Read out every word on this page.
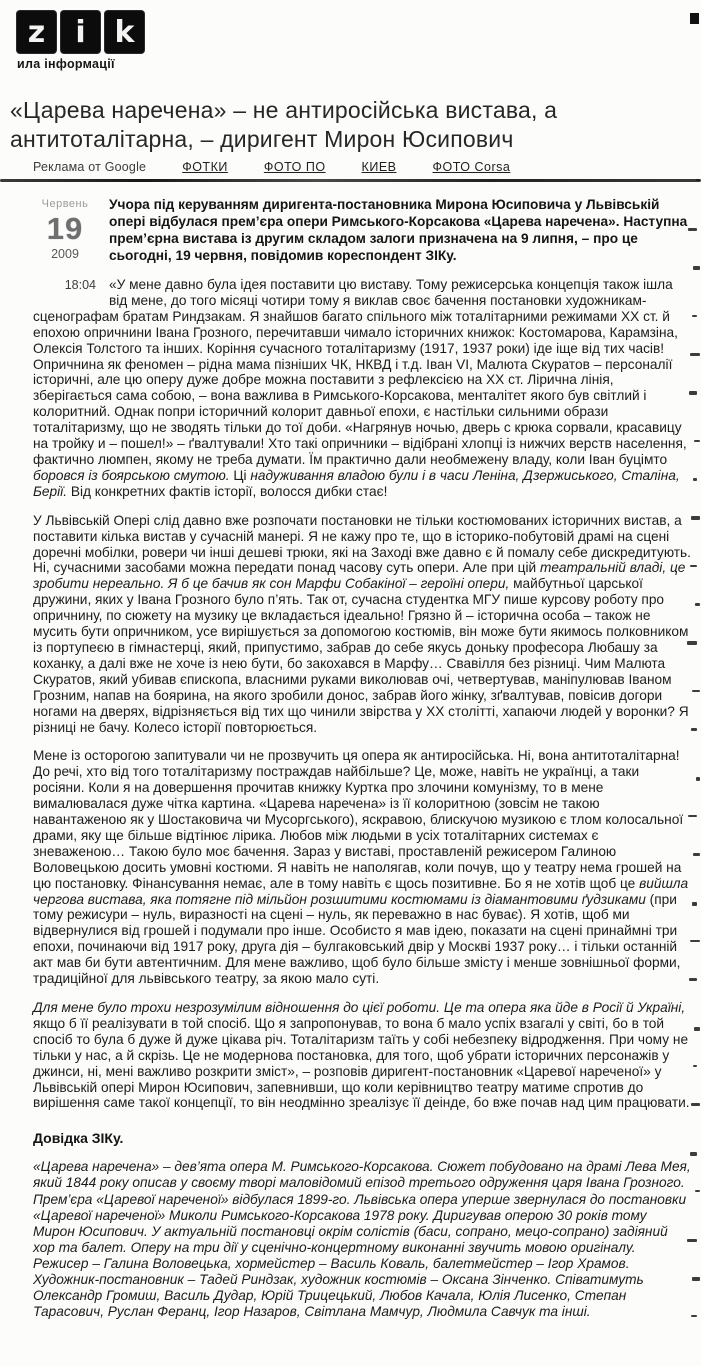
z	i k
ила інформації
«Царева наречена» – не антиросійська вистава, а антитоталітарна, – диригент Мирон Юсипович
Реклама от Google	ФОТКИ	ФОТО ПО	КИЕВ	ФОТО Corsa
Червень
19
2009
18:04

Учора під керуванням диригента-постановника Мирона Юсиповича у Львівській опері відбулася прем’єра опери Римського-Корсакова «Царева наречена». Наступна прем’єрна вистава із другим складом залоги призначена на 9 липня, – про це сьогодні, 19 червня, повідомив кореспондент ЗІКу.

«У мене давно була ідея поставити цю виставу. Тому режисерська концепція також ішла від мене, до того місяці чотири тому я виклав своє бачення постановки художникам-сценографам братам Риндзакам. Я знайшов багато спільного між тоталітарними режимами ХХ ст. й епохою опричнини Івана Грозного, перечитавши чимало історичних книжок: Костомарова, Карамзіна, Олексія Толстого та інших. Коріння сучасного тоталітаризму (1917, 1937 роки) іде іще від тих часів! Опричнина як феномен – рідна мама пізніших ЧК, НКВД і т.д. Іван VI, Малюта Скуратов – персоналії історичні, але цю оперу дуже добре можна поставити з рефлексією на ХХ ст. Лірична лінія, зберігається сама собою, – вона важлива в Римського-Корсакова, менталітет якого був світлий і колоритний. Однак попри історичний колорит давньої епохи, є настільки сильними образи тоталітаризму, що не зводять тільки до тої доби. «Нагрянув ночью, дверь с крюка сорвали, красавицу на тройку и – пошел!» – ґвалтували! Хто такі опричники – відібрані хлопці із нижчих верств населення, фактично люмпен, якому не треба думати. Їм практично дали необмежену владу, коли Іван буцімто боровся із боярською смутою. Ці надуживання владою були і в часи Леніна, Дзержиського, Сталіна, Берії. Від конкретних фактів історії, волосся дибки стає!

У Львівській Опері слід давно вже розпочати постановки не тільки костюмованих історичних вистав, а поставити кілька вистав у сучасній манері. Я не кажу про те, що в історико-побутовій драмі на сцені доречні мобілки, ровери чи інші дешеві трюки, які на Заході вже давно є й помалу себе дискредитують. Ні, сучасними засобами можна передати понад часову суть опери. Але при цій театральній владі, це зробити нереально. Я б це бачив як сон Марфи Собакіної – героїні опери, майбутньої царської дружини, яких у Івана Грозного було п’ять. Так от, сучасна студентка МГУ пише курсову роботу про опричнину, по сюжету на музику це вкладається ідеально! Грязно й – історична особа – також не мусить бути опричником, усе вирішується за допомогою костюмів, він може бути якимось полковником із портупеєю в гімнастерці, який, припустимо, забрав до себе якусь доньку професора Любашу за коханку, а далі вже не хоче із нею бути, бо закохався в Марфу… Свавілля без різниці. Чим Малюта Скуратов, який убивав єпископа, власними руками виколював очі, четвертував, маніпулював Іваном Грозним, напав на боярина, на якого зробили донос, забрав його жінку, зґвалтував, повісив догори ногами на дверях, відрізняється від тих що чинили звірства у ХХ столітті, хапаючи людей у воронки? Я різниці не бачу. Колесо історії повторюється.

Мене із осторогою запитували чи не прозвучить ця опера як антиросійська. Ні, вона антитоталітарна! До речі, хто від того тоталітаризму постраждав найбільше? Це, може, навіть не українці, а таки росіяни. Коли я на довершення прочитав книжку Куртка про злочини комунізму, то в мене вималювалася дуже чітка картина. «Царева наречена» із її колоритною (зовсім не такою навантаженою як у Шостаковича чи Мусоргського), яскравою, блискучою музикою є тлом колосальної драми, яку ще більше відтінює лірика. Любов між людьми в усіх тоталітарних системах є зневаженою… Такою було моє бачення. Зараз у виставі, проставленій режисером Галиною Воловецькою досить умовні костюми. Я навіть не наполягав, коли почув, що у театру нема грошей на цю постановку. Фінансування немає, але в тому навіть є щось позитивне. Бо я не хотів щоб це вийшла чергова вистава, яка потягне під мільйон розшитими костюмами із діамантовими ґудзиками (при тому режисури – нуль, виразності на сцені – нуль, як переважно в нас буває). Я хотів, щоб ми відвернулися від грошей і подумали про інше. Особисто я мав ідею, показати на сцені принаймні три епохи, починаючи від 1917 року, друга дія – булгаковський двір у Москві 1937 року… і тільки останній акт мав би бути автентичним. Для мене важливо, щоб було більше змісту і менше зовнішньої форми, традиційної для львівського театру, за якою мало суті.

Для мене було трохи незрозумілим відношення до цієї роботи. Це та опера яка йде в Росії й Україні, якщо б її реалізувати в той спосіб. Що я запропонував, то вона б мало успіх взагалі у світі, бо в той спосіб то була б дуже й дуже цікава річ. Тоталітаризм таїть у собі небезпеку відродження. При чому не тільки у нас, а й скрізь. Це не модернова постановка, для того, щоб убрати історичних персонажів у джинси, ні, мені важливо розкрити зміст», – розповів диригент-постановник «Царевої нареченої» у Львівській опері Мирон Юсипович, запевнивши, що коли керівництво театру матиме спротив до вирішення саме такої концепції, то він неодмінно зреалізує її деінде, бо вже почав над цим працювати.

Довідка ЗІКу.

«Царева наречена» – дев’ята опера М. Римського-Корсакова. Сюжет побудовано на драмі Лева Мея, який 1844 року описав у своєму творі маловідомий епізод третього одруження царя Івана Грозного. Прем’єра «Царевої нареченої» відбулася 1899-го. Львівська опера уперше звернулася до постановки «Царевої нареченої» Миколи Римського-Корсакова 1978 року. Диригував оперою 30 років тому Мирон Юсипович. У актуальній постановці окрім солістів (баси, сопрано, мецо-сопрано) задіяний хор та балет. Оперу на три дії у сценічно-концертному виконанні звучить мовою оригіналу. Режисер – Галина Воловецька, хормейстер – Василь Коваль, балетмейстер – Ігор Храмов. Художник-постановник – Тадей Риндзак, художник костюмів – Оксана Зінченко. Співатимуть Олександр Громиш, Василь Дудар, Юрій Трицецький, Любов Качала, Юлія Лисенко, Степан Тарасович, Руслан Феранц, Ігор Назаров, Світлана Мамчур, Людмила Савчук та інші.
